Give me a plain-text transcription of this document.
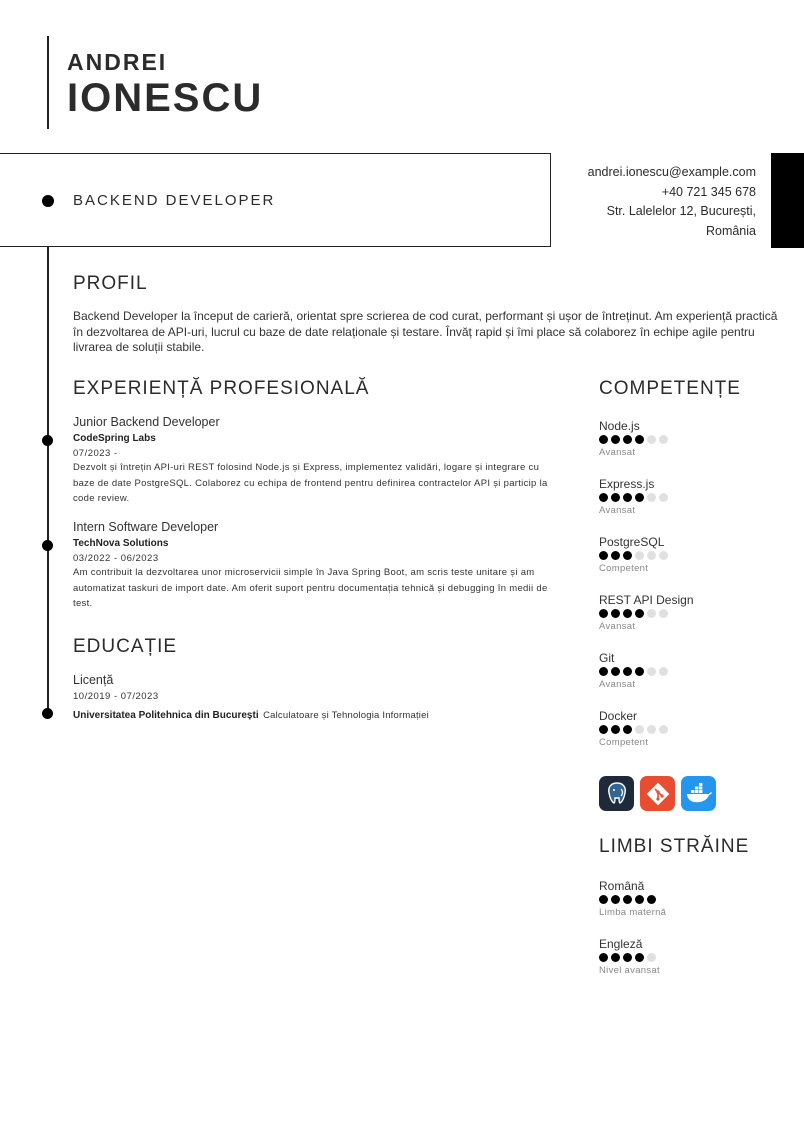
ANDREI
IONESCU
BACKEND DEVELOPER
andrei.ionescu@example.com
+40 721 345 678
Str. Lalelelor 12, București,
România
PROFIL
Backend Developer la început de carieră, orientat spre scrierea de cod curat, performant și ușor de întreținut. Am experiență practică în dezvoltarea de API-uri, lucrul cu baze de date relaționale și testare. Învăț rapid și îmi place să colaborez în echipe agile pentru livrarea de soluții stabile.
EXPERIENȚĂ PROFESIONALĂ
Junior Backend Developer
CodeSpring Labs
07/2023 -
Dezvolt și întrețin API-uri REST folosind Node.js și Express, implementez validări, logare și integrare cu baze de date PostgreSQL. Colaborez cu echipa de frontend pentru definirea contractelor API și particip la code review.
Intern Software Developer
TechNova Solutions
03/2022 - 06/2023
Am contribuit la dezvoltarea unor microservicii simple în Java Spring Boot, am scris teste unitare și am automatizat taskuri de import date. Am oferit suport pentru documentația tehnică și debugging în medii de test.
EDUCAȚIE
Licență
10/2019 - 07/2023
Universitatea Politehnica din București Calculatoare și Tehnologia Informației
COMPETENȚE
Node.js
Avansat
Express.js
Avansat
PostgreSQL
Competent
REST API Design
Avansat
Git
Avansat
Docker
Competent
LIMBI STRĂINE
Română
Limba maternă
Engleză
Nivel avansat
